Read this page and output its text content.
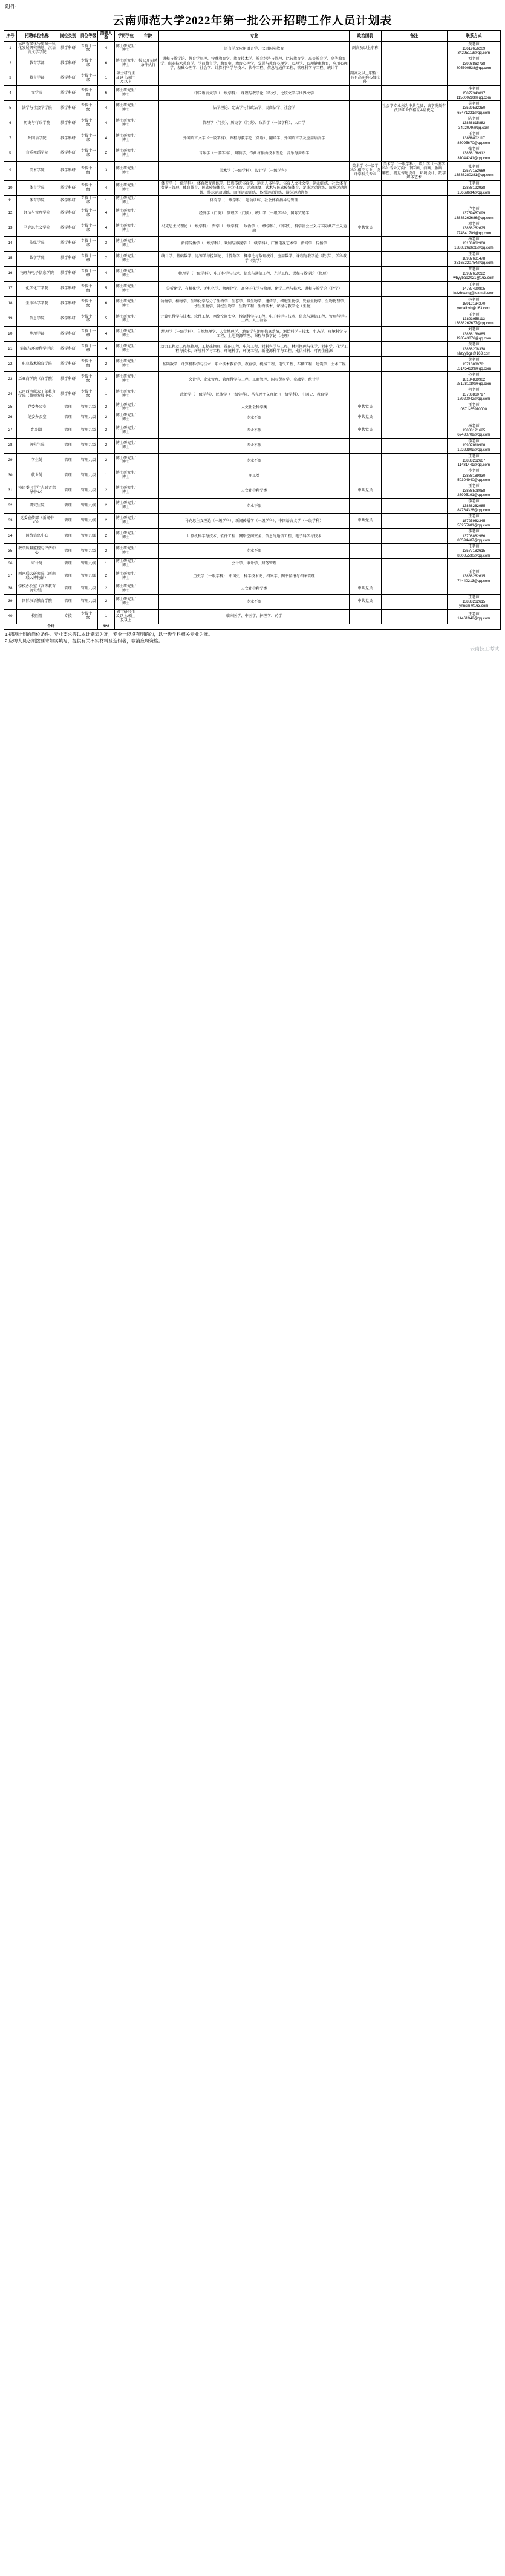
附件
云南师范大学2022年第一批公开招聘工作人员计划表
序号	招聘单位名称	岗位类别	岗位等级	招聘人数	学历学位	年龄	专业	政治面貌	备注	联系方式
1	云南省文化与旅游一体化发展研究基地、汉语言文学学院	教学科研	专技十一级	4	博士研究生/博士		语言学及应用语言学、汉语国际教育	副高及以上职称		黄老师
13619656209
34295113@qq.com
2	教育学部	教学科研	专技十一级	6	博士研究生/博士	按公开招聘条件执行	课程与教学论、教育学原理、特殊教育学、教育技术学、教育经济与管理、比较教育学、高等教育学、高等教育学、职业技术教育学、学前教育学、教育史、教育心理学、发展与教育心理学、心理学、心理健康教育、应用心理学、基础心理学、社会学、计算机科学与技术、软件工程、信息与通信工程、管理科学与工程、统计学			刘老师
13908863738
805300838@qq.com
3	教育学部	教学科研	专技十一级	1	硕士研究生及以上/硕士及以上			副高及以上职称；具有高职称-5级技能		
4	文学院	教学科研	专技十一级	6	博士研究生/博士		中国语言文学（一级学科）、课程与教学论（语文）、比较文学与世界文学			李老师
15877343017
115000283@qq.com
5	法学与社会学学院	教学科研	专技十一级	4	博士研究生/博士		法学理论、宪法学与行政法学、民商法学、社会学		社会学专业须为中共党员；法学类须有法律职业资格证A证优先	吴老师
13529532250
65471221@qq.com
6	历史与行政学院	教学科研	专技十一级	4	博士研究生/博士		管理学（门类）、历史学（门类）、政治学（一级学科）、人口学			陈老师
13888815882
3402079@qq.com
7	外国语学院	教学科研	专技十一级	4	博士研究生/博士		外国语言文学（一级学科）、课程与教学论（英语）、翻译学、外国语言学及应用语言学			王老师
13888802117
86095670@qq.com
8	音乐舞蹈学院	教学科研	专技十一级	2	博士研究生/博士		音乐学（一级学科）、舞蹈学、作曲与作曲技术理论、音乐与舞蹈学			张老师
13888138912
31044241@qq.com
9	美术学院	教学科研	专技十一级	3	博士研究生/博士		美术学（一级学科）、设计学（一级学科）	美术学（一级学科）相关专业、设计学相关专业	美术学（一级学科）、设计学（一级学科）专业方向：中国画、油画、版画、雕塑、视觉传达设计、环境设计、数字媒体艺术	张老师
13577152669
13888280281@qq.com
10	体育学院	教学科研	专技十一级	4	博士研究生/博士		体育学（一级学科）、体育教育训练学、民族传统体育学、运动人体科学、体育人文社会学、运动训练、社会体育指导与管理、体育教育、民族传统体育、休闲体育、运动康复、武术与民族传统体育、足球运动训练、篮球运动训练、排球运动训练、田径运动训练、体操运动训练、游泳运动训练			王老师
13888192938
15669634@qq.com
11	体育学院	教学科研	专技十一级	1	博士研究生/博士		体育学（一级学科）、运动训练、社会体育指导与管理			
12	经济与管理学院	教学科研	专技十一级	4	博士研究生/博士		经济学（门类）、管理学（门类）、统计学（一级学科）、国际贸易学			卢老师
13759467099
13888262686@qq.com
13	马克思主义学院	教学科研	专技十一级	4	博士研究生/博士		马克思主义理论（一级学科）、哲学（一级学科）、政治学（一级学科）、中国史、科学社会主义与国际共产主义运动	中共党员		邓老师
13888262625
274841709@qq.com
14	传媒学院	教学科研	专技十一级	3	博士研究生/博士		新闻传播学（一级学科）、戏剧与影视学（一级学科）、广播电视艺术学、新闻学、传播学			杨老师
13108862908
13888262628@qq.com
15	数学学院	教学科研	专技十一级	7	博士研究生/博士		统计学、基础数学、运筹学与控制论、计算数学、概率论与数理统计、应用数学、课程与教学论（数学）、学科教学（数学）			王老师
18987681478
35163220754@qq.com
16	物理与电子信息学院	教学科研	专技十一级	4	博士研究生/博士		物理学（一级学科）、电子科学与技术、信息与通信工程、光学工程、课程与教学论（物理）			普老师
13987659282
wbyybao2021@163.com
17	化学化工学院	教学科研	专技十一级	5	博士研究生/博士		分析化学、有机化学、无机化学、物理化学、高分子化学与物理、化学工程与技术、课程与教学论（化学）			王老师
14787490805
ketzhuang@foxmail.com
18	生命科学学院	教学科研	专技十一级	6	博士研究生/博士		动物学、植物学、生物化学与分子生物学、生态学、微生物学、遗传学、细胞生物学、发育生物学、生物物理学、水生生物学、神经生物学、生物工程、生物技术、课程与教学论（生物）			林老师
15912134270
yedaibyb@163.com
19	信息学院	教学科研	专技十一级	5	博士研究生/博士		计算机科学与技术、软件工程、网络空间安全、控制科学与工程、电子科学与技术、信息与通信工程、管理科学与工程、人工智能			王老师
13893955113
13888262677@qq.com
20	地理学部	教学科研	专技十一级	4	博士研究生/博士		地理学（一级学科）、自然地理学、人文地理学、地图学与地理信息系统、测绘科学与技术、生态学、环境科学与工程、土地资源管理、课程与教学论（地理）			刘老师
13888139885
198543876@qq.com
21	能源与环境科学学院	教学科研	专技十一级	4	博士研究生/博士		动力工程及工程热物理、工程热物理、热能工程、电气工程、材料科学与工程、材料物理与化学、材料学、化学工程与技术、环境科学与工程、环境科学、环境工程、新能源科学与工程、光伏材料、可再生能源			黄老师
13888208338
nhzyybgz@163.com
22	职业技术教育学院	教学科研	专技十一级	2	博士研究生/博士		基础数学、计算机科学与技术、职业技术教育学、教育学、机械工程、电气工程、车辆工程、建筑学、土木工程			黄老师
13710889781
531454639@qq.com
23	泛亚商学院（商学院）	教学科研	专技十一级	3	博士研究生/博士		会计学、企业管理、管理科学与工程、工商管理、国际贸易学、金融学、统计学			孙老师
18184839902
281281080@qq.com
24	云南西南联大干部教育学院（教师发展中心）	教学科研	专技十一级	1	博士研究生/博士		政治学（一级学科）、民族学（一级学科）、马克思主义理论（一级学科）、中国史、教育学			何老师
13708860797
17920042@qq.com
25	党委办公室	管理	管理九级	2	博士研究生/博士		人文社会科学类	中共党员		王老师
0871-65910000
26	纪委办公室	管理	管理九级	2	博士研究生/博士		专业不限	中共党员		
27	组织部	管理	管理九级	2	博士研究生/博士		专业不限	中共党员		杨老师
13888121625
62430709@qq.com
28	研究生院	管理	管理九级	2	博士研究生/博士		专业不限			李老师
13987818988
18333802@qq.com
29	学生处	管理	管理九级	2	博士研究生/博士		专业不限			王老师
13888262667
11481441@qq.com
30	就业处	管理	管理九级	1	博士研究生/博士		理工类			李老师
13888189830
50304940@qq.com
31	校团委（青年志愿者指导中心）	管理	管理九级	2	博士研究生/博士		人文社会科学类	中共党员		王老师
13888508058
28995191@qq.com
32	研究生院	管理	管理九级	2	博士研究生/博士		专业不限			李老师
13888262985
84764328@qq.com
33	党委宣传部（新闻中心）	管理	管理九级	2	博士研究生/博士		马克思主义理论（一级学科）、新闻传播学（一级学科）、中国语言文学（一级学科）	中共党员		王老师
18725982345
56255681@qq.com
34	网络信息中心	管理	管理九级	2	博士研究生/博士		计算机科学与技术、软件工程、网络空间安全、信息与通信工程、电子科学与技术			李老师
13708882986
86594407@qq.com
35	教学质量监控与评估中心	管理	管理九级	2	博士研究生/博士		专业不限			王老师
13577182615
80085530@qq.com
36	审计处	管理	管理九级	1	博士研究生/博士		会计学、审计学、财务管理			
37	西南联大研究院（西南联大博物馆）	管理	管理九级	2	博士研究生/博士		历史学（一级学科）、中国史、科学技术史、档案学、图书情报与档案管理			王老师
13888262615
74440213@qq.com
38	学校办公室（高等教育研究所）	管理	管理九级	2	博士研究生/博士		人文社会科学类	中共党员		
39	国际汉语教育学院	管理	管理九级	2	博士研究生/博士		专业不限	中共党员		王老师
13888262615
ynnsm@163.com
40	校医院	专技	专技十一级	1	硕士研究生及以上/硕士及以上		临床医学、中医学、护理学、药学			王老师
14461942@qq.com
合计				120						
1.招聘计划的岗位条件、专业要求等以本计划表为准，专业一经设有明确的，以一级学科相关专业为准。
2.应聘人员必须按要求如实填写，提供有关不实材料及造假者，取消应聘资格。
云南技工考试
